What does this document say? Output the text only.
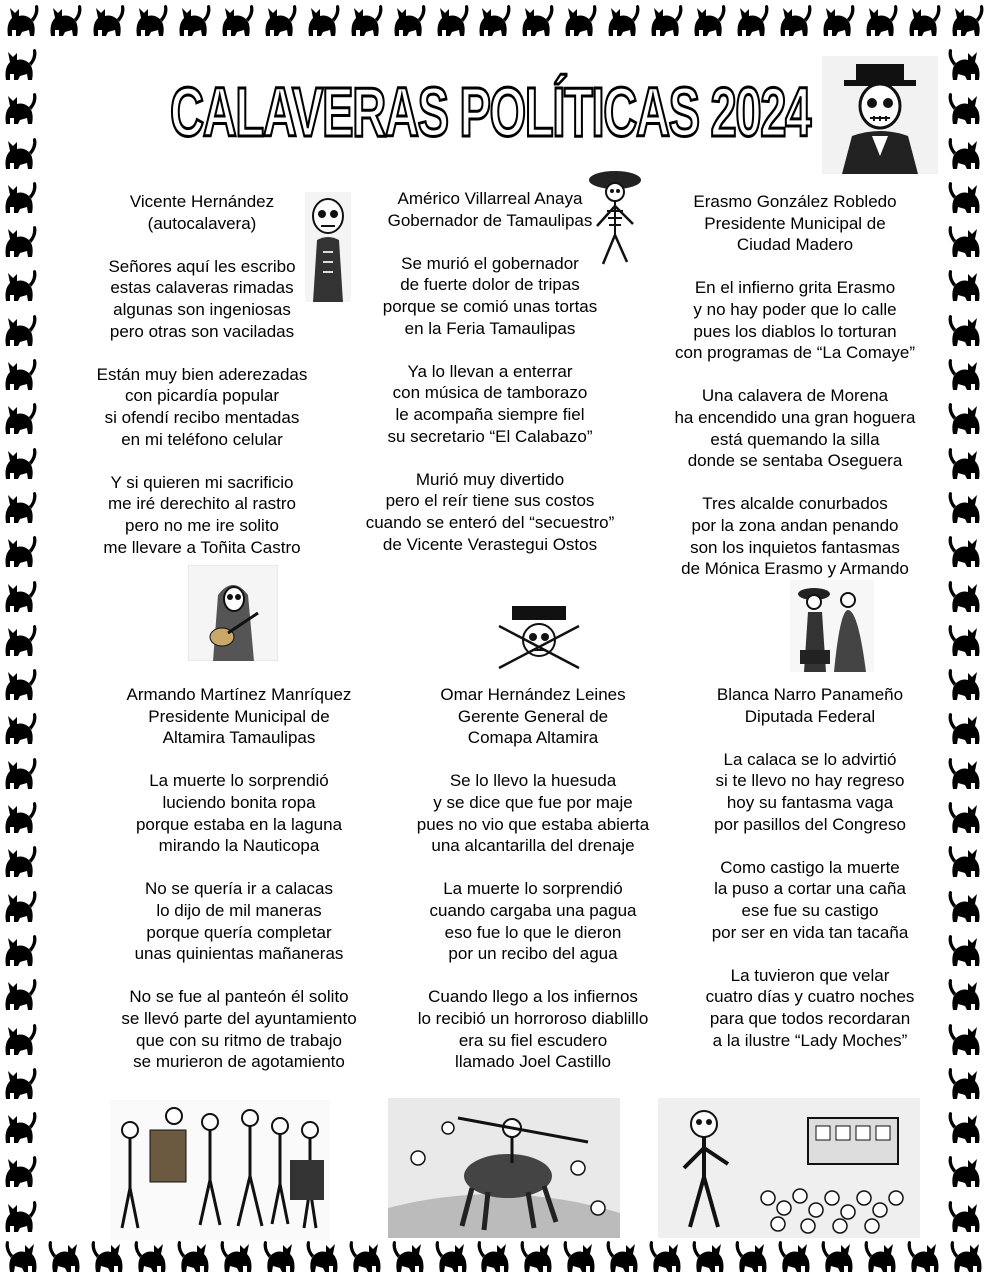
CALAVERAS POLÍTICAS 2024
Vicente Hernández
(autocalavera)
Señores aquí les escribo
estas calaveras rimadas
algunas son ingeniosas
pero otras son vaciladas
Están muy bien aderezadas
con picardía popular
si ofendí recibo mentadas
en mi teléfono celular
Y si quieren mi sacrificio
me iré derechito al rastro
pero no me ire solito
me llevare a Toñita Castro
Américo Villarreal Anaya
Gobernador de Tamaulipas
Se murió el gobernador
de fuerte dolor de tripas
porque se comió unas tortas
en la Feria Tamaulipas
Ya lo llevan a enterrar
con música de tamborazo
le acompaña siempre fiel
su secretario “El Calabazo”
Murió muy divertido
pero el reír tiene sus costos
cuando se enteró del “secuestro”
de Vicente Verastegui Ostos
Erasmo González Robledo
Presidente Municipal de
Ciudad Madero
En el infierno grita Erasmo
y no hay poder que lo calle
pues los diablos lo torturan
con programas de “La Comaye”
Una calavera de Morena
ha encendido una gran hoguera
está quemando la silla
donde se sentaba Oseguera
Tres alcalde conurbados
por la zona andan penando
son los inquietos fantasmas
de Mónica Erasmo y Armando
Armando Martínez Manríquez
Presidente Municipal de
Altamira Tamaulipas
La muerte lo sorprendió
luciendo bonita ropa
porque estaba en la laguna
mirando la Nauticopa
No se quería ir a calacas
lo dijo de mil maneras
porque quería completar
unas quinientas mañaneras
No se fue al panteón él solito
se llevó parte del ayuntamiento
que con su ritmo de trabajo
se murieron de agotamiento
Omar Hernández Leines
Gerente General de
Comapa Altamira
Se lo llevo la huesuda
y se dice que fue por maje
pues no vio que estaba abierta
una alcantarilla del drenaje
La muerte lo sorprendió
cuando cargaba una pagua
eso fue lo que le dieron
por un recibo del agua
Cuando llego a los infiernos
lo recibió un horroroso diablillo
era su fiel escudero
llamado Joel Castillo
Blanca Narro Panameño
Diputada Federal
La calaca se lo advirtió
si te llevo no hay regreso
hoy su fantasma vaga
por pasillos del Congreso
Como castigo la muerte
la puso a cortar una caña
ese fue su castigo
por ser en vida tan tacaña
La tuvieron que velar
cuatro días y cuatro noches
para que todos recordaran
a la ilustre “Lady Moches”
